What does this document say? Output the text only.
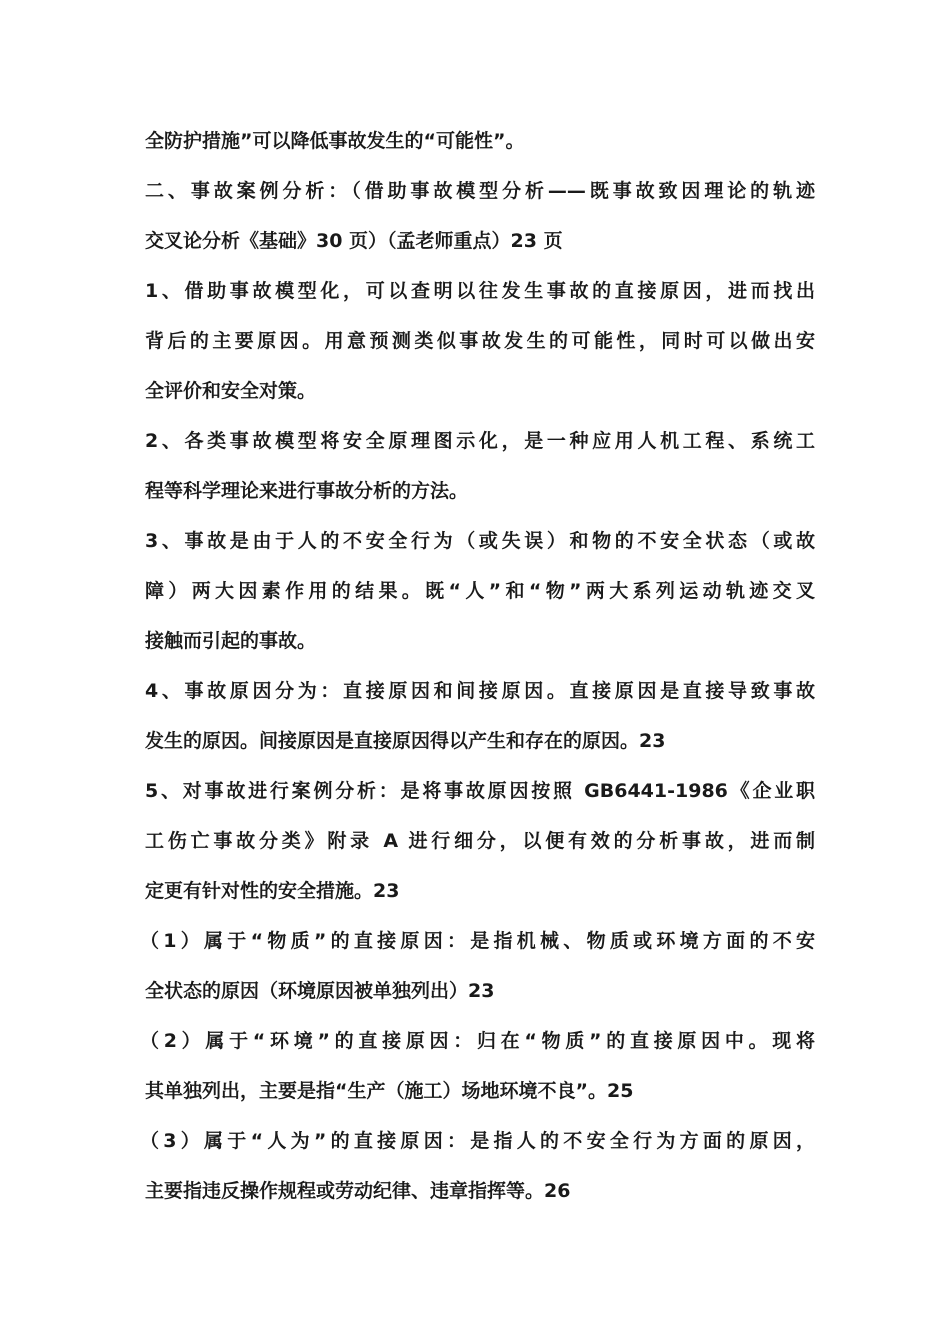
全防护措施”可以降低事故发生的“可能性”。
二、事故案例分析：（借助事故模型分析——既事故致因理论的轨迹
交叉论分析《基础》30 页）（孟老师重点）23 页
1、借助事故模型化，可以查明以往发生事故的直接原因，进而找出
背后的主要原因。用意预测类似事故发生的可能性，同时可以做出安
全评价和安全对策。
2、各类事故模型将安全原理图示化，是一种应用人机工程、系统工
程等科学理论来进行事故分析的方法。
3、事故是由于人的不安全行为（或失误）和物的不安全状态（或故
障）两大因素作用的结果。既“人”和“物”两大系列运动轨迹交叉
接触而引起的事故。
4、事故原因分为：直接原因和间接原因。直接原因是直接导致事故
发生的原因。间接原因是直接原因得以产生和存在的原因。23
5、对事故进行案例分析：是将事故原因按照 GB6441-1986《企业职
工伤亡事故分类》附录 A 进行细分，以便有效的分析事故，进而制
定更有针对性的安全措施。23
（1）属于“物质”的直接原因：是指机械、物质或环境方面的不安
全状态的原因（环境原因被单独列出）23
（2）属于“环境”的直接原因：归在“物质”的直接原因中。现将
其单独列出，主要是指“生产（施工）场地环境不良”。25
（3）属于“人为”的直接原因：是指人的不安全行为方面的原因，
主要指违反操作规程或劳动纪律、违章指挥等。26
